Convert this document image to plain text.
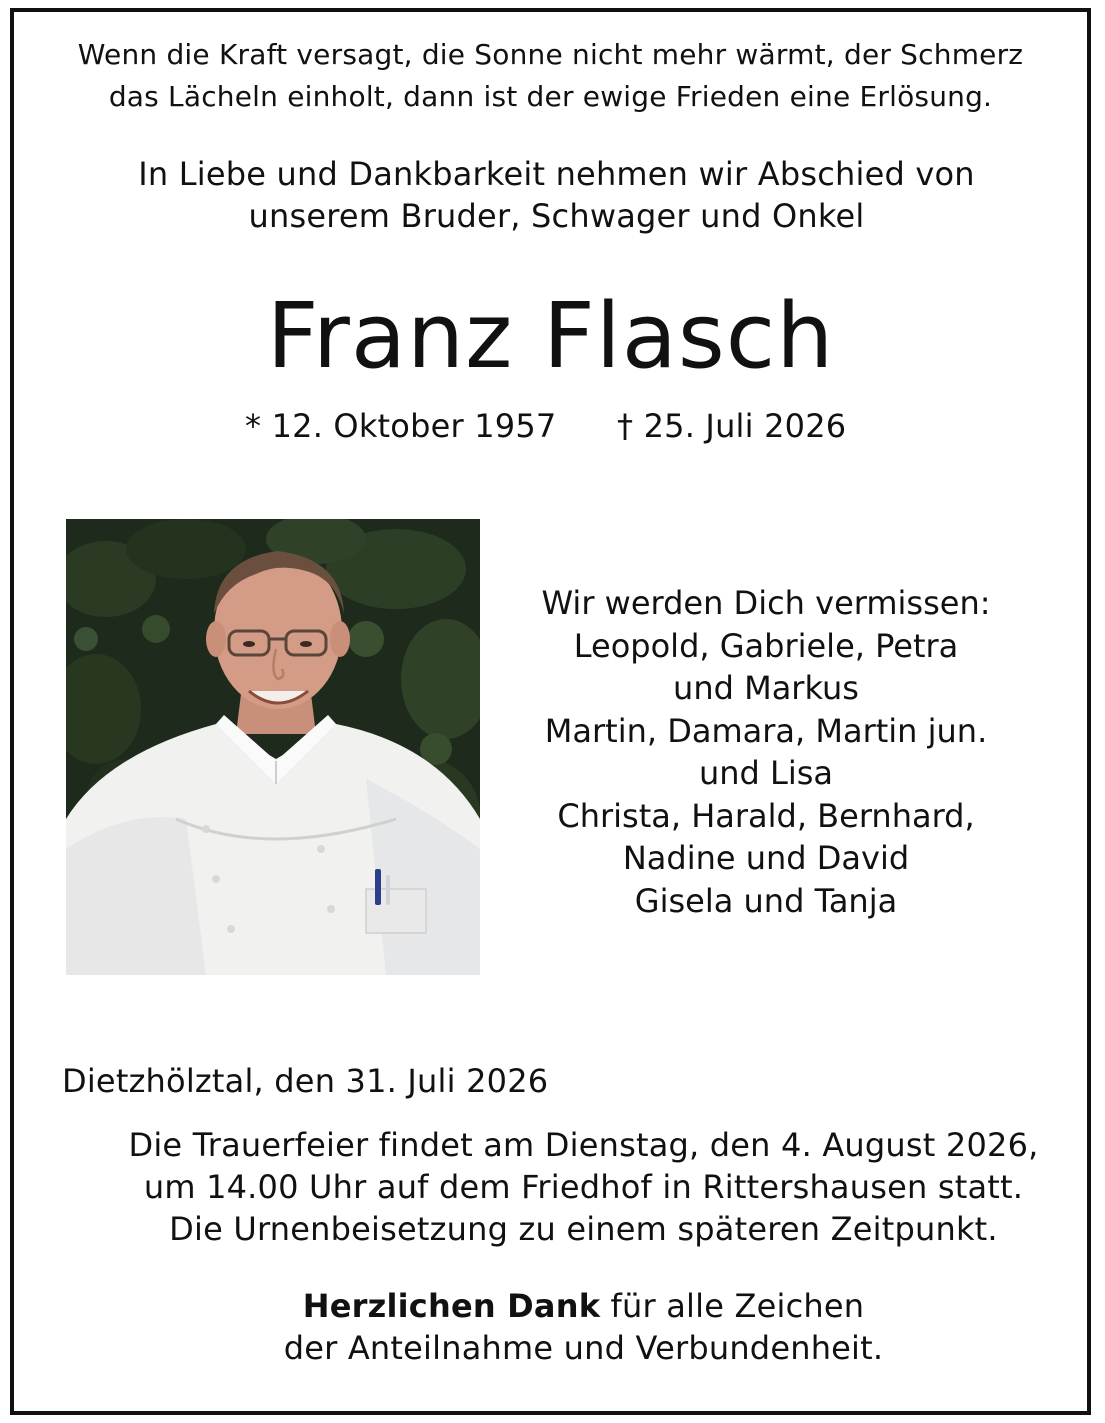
Wenn die Kraft versagt, die Sonne nicht mehr wärmt, der Schmerz
das Lächeln einholt, dann ist der ewige Frieden eine Erlösung.
In Liebe und Dankbarkeit nehmen wir Abschied von
unserem Bruder, Schwager und Onkel
Franz Flasch
* 12. Oktober 1957 † 25. Juli 2026
Wir werden Dich vermissen:
Leopold, Gabriele, Petra
und Markus
Martin, Damara, Martin jun.
und Lisa
Christa, Harald, Bernhard,
Nadine und David
Gisela und Tanja
Dietzhölztal, den 31. Juli 2026
Die Trauerfeier findet am Dienstag, den 4. August 2026,
um 14.00 Uhr auf dem Friedhof in Rittershausen statt.
Die Urnenbeisetzung zu einem späteren Zeitpunkt.
Herzlichen Dank für alle Zeichen
der Anteilnahme und Verbundenheit.
